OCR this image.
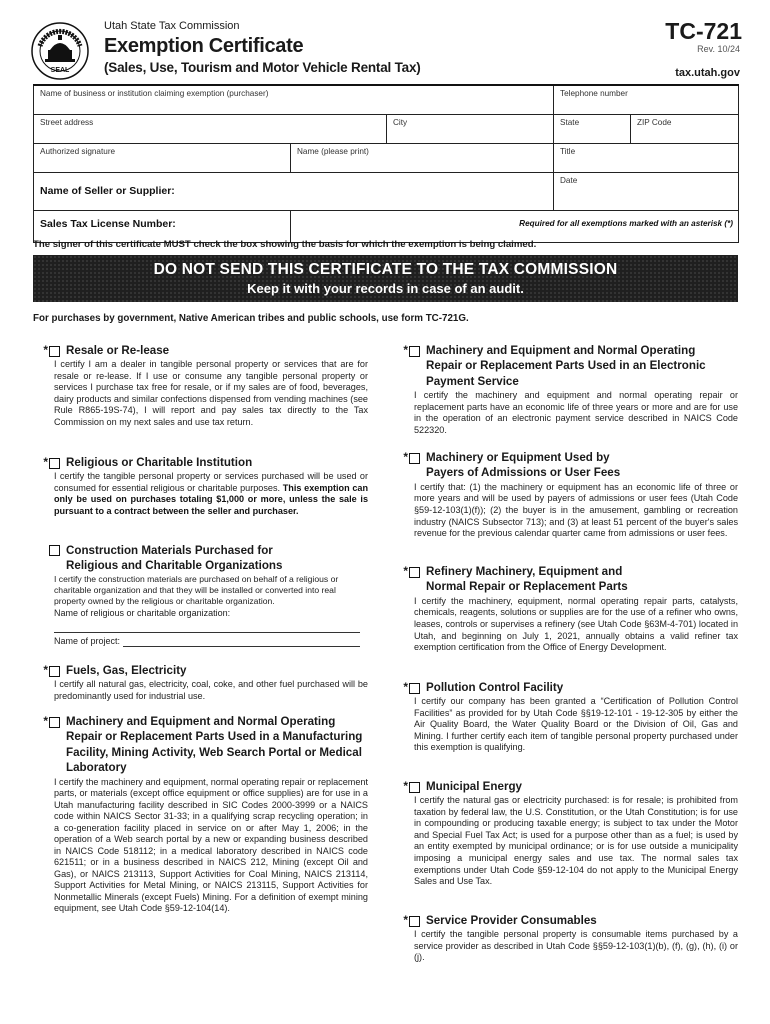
SEAL
Utah State Tax Commission
Exemption Certificate
(Sales, Use, Tourism and Motor Vehicle Rental Tax)
TC-721
Rev. 10/24
tax.utah.gov
Name of business or institution claiming exemption (purchaser)			Telephone number	
Street address		City	State	ZIP Code
Authorized signature	Name (please print)		Title	
Name of Seller or Supplier:			Date	
Sales Tax License Number:	Required for all exemptions marked with an asterisk (*)			
The signer of this certificate MUST check the box showing the basis for which the exemption is being claimed.
DO NOT SEND THIS CERTIFICATE TO THE TAX COMMISSION
Keep it with your records in case of an audit.
For purchases by government, Native American tribes and public schools, use form TC-721G.
* Resale or Re-lease
I certify I am a dealer in tangible personal property or services that are for resale or re-lease. If I use or consume any tangible personal property or services I purchase tax free for resale, or if my sales are of food, beverages, dairy products and similar confections dispensed from vending machines (see Rule R865-19S-74), I will report and pay sales tax directly to the Tax Commission on my next sales and use tax return.
* Religious or Charitable Institution
I certify the tangible personal property or services purchased will be used or consumed for essential religious or charitable purposes. This exemption can only be used on purchases totaling $1,000 or more, unless the sale is pursuant to a contract between the seller and purchaser.
Construction Materials Purchased for
Religious and Charitable Organizations
I certify the construction materials are purchased on behalf of a religious or charitable organization and that they will be installed or converted into real property owned by the religious or charitable organization.
Name of religious or charitable organization:
Name of project:
* Fuels, Gas, Electricity
I certify all natural gas, electricity, coal, coke, and other fuel purchased will be predominantly used for industrial use.
* Machinery and Equipment and Normal Operating
Repair or Replacement Parts Used in a Manufacturing
Facility, Mining Activity, Web Search Portal or Medical
Laboratory
I certify the machinery and equipment, normal operating repair or replacement parts, or materials (except office equipment or office supplies) are for use in a Utah manufacturing facility described in SIC Codes 2000-3999 or a NAICS code within NAICS Sector 31-33; in a qualifying scrap recycling operation; in a co-generation facility placed in service on or after May 1, 2006; in the operation of a Web search portal by a new or expanding business described in NAICS Code 518112; in a medical laboratory described in NAICS code 621511; or in a business described in NAICS 212, Mining (except Oil and Gas), or NAICS 213113, Support Activities for Coal Mining, NAICS 213114, Support Activities for Metal Mining, or NAICS 213115, Support Activities for Nonmetallic Minerals (except Fuels) Mining. For a definition of exempt mining equipment, see Utah Code §59-12-104(14).
* Machinery and Equipment and Normal Operating
Repair or Replacement Parts Used in an Electronic
Payment Service
I certify the machinery and equipment and normal operating repair or replacement parts have an economic life of three years or more and are for use in the operation of an electronic payment service described in NAICS Code 522320.
* Machinery or Equipment Used by
Payers of Admissions or User Fees
I certify that: (1) the machinery or equipment has an economic life of three or more years and will be used by payers of admissions or user fees (Utah Code §59-12-103(1)(f)); (2) the buyer is in the amusement, gambling or recreation industry (NAICS Subsector 713); and (3) at least 51 percent of the buyer's sales revenue for the previous calendar quarter came from admissions or user fees.
* Refinery Machinery, Equipment and
Normal Repair or Replacement Parts
I certify the machinery, equipment, normal operating repair parts, catalysts, chemicals, reagents, solutions or supplies are for the use of a refiner who owns, leases, controls or supervises a refinery (see Utah Code §63M-4-701) located in Utah, and beginning on July 1, 2021, annually obtains a valid refiner tax exemption certification from the Office of Energy Development.
* Pollution Control Facility
I certify our company has been granted a “Certification of Pollution Control Facilities” as provided for by Utah Code §§19-12-101 - 19-12-305 by either the Air Quality Board, the Water Quality Board or the Division of Oil, Gas and Mining. I further certify each item of tangible personal property purchased under this exemption is qualifying.
* Municipal Energy
I certify the natural gas or electricity purchased: is for resale; is prohibited from taxation by federal law, the U.S. Constitution, or the Utah Constitution; is for use in compounding or producing taxable energy; is subject to tax under the Motor and Special Fuel Tax Act; is used for a purpose other than as a fuel; is used by an entity exempted by municipal ordinance; or is for use outside a municipality imposing a municipal energy sales and use tax. The normal sales tax exemptions under Utah Code §59-12-104 do not apply to the Municipal Energy Sales and Use Tax.
* Service Provider Consumables
I certify the tangible personal property is consumable items purchased by a service provider as described in Utah Code §§59-12-103(1)(b), (f), (g), (h), (i) or (j).
